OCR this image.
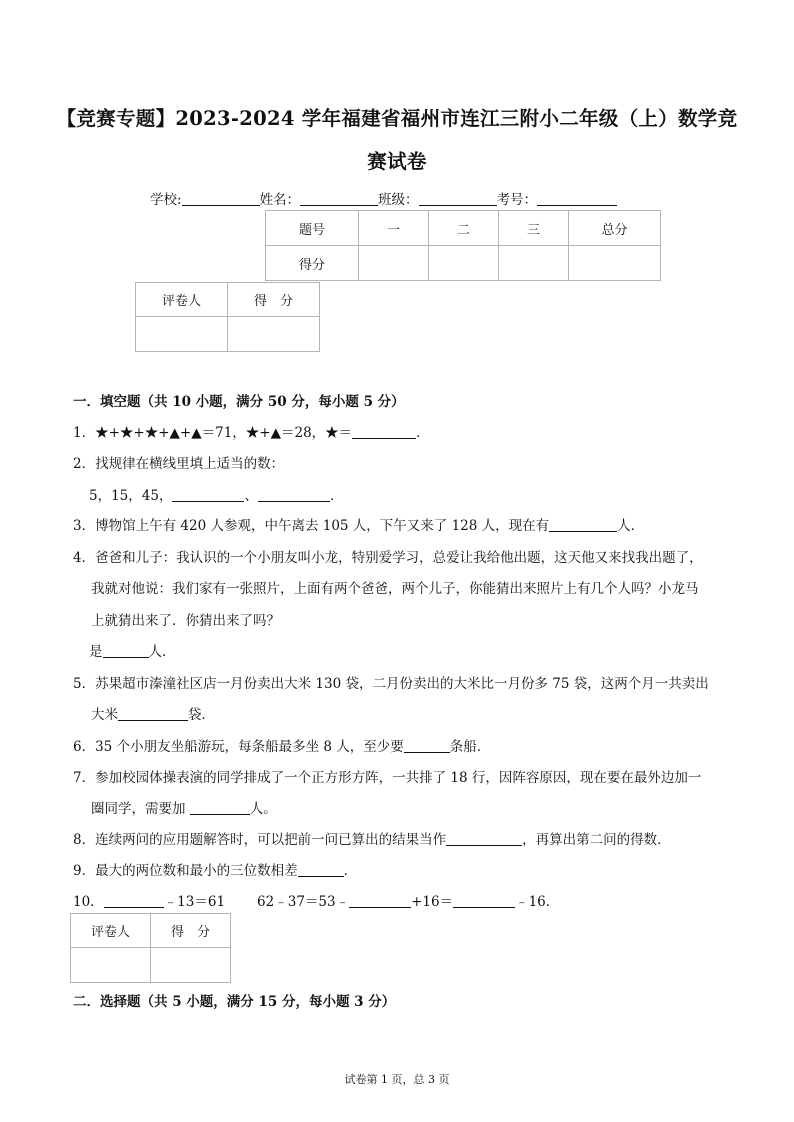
【竞赛专题】2023-2024 学年福建省福州市连江三附小二年级（上）数学竞
赛试卷
学校:	姓名：	班级：	考号：
题号	一	二	三	总分
得分				
评卷人	得　分

一．填空题（共 10 小题，满分 50 分，每小题 5 分）
1．★+★+★+▲+▲＝71，★+▲＝28，★＝	．
2．找规律在横线里填上适当的数：
5，15，45，	、	．
3．博物馆上午有 420 人参观，中午离去 105 人，下午又来了 128 人，现在有	人．
4．爸爸和儿子：我认识的一个小朋友叫小龙，特别爱学习，总爱让我给他出题，这天他又来找我出题了，
我就对他说：我们家有一张照片，上面有两个爸爸，两个儿子，你能猜出来照片上有几个人吗？小龙马
上就猜出来了．你猜出来了吗？
是	人．
5．苏果超市溱潼社区店一月份卖出大米 130 袋，二月份卖出的大米比一月份多 75 袋，这两个月一共卖出
大米	袋．
6．35 个小朋友坐船游玩，每条船最多坐 8 人，至少要	条船．
7．参加校园体操表演的同学排成了一个正方形方阵，一共排了 18 行，因阵容原因，现在要在最外边加一
圈同学，需要加	人。
8．连续两问的应用题解答时，可以把前一问已算出的结果当作	，再算出第二问的得数．
9．最大的两位数和最小的三位数相差	．
10．	﹣13＝61 62﹣37＝53﹣	+16＝	﹣16．
评卷人	得　分

二．选择题（共 5 小题，满分 15 分，每小题 3 分）
试卷第 1 页，总 3 页
